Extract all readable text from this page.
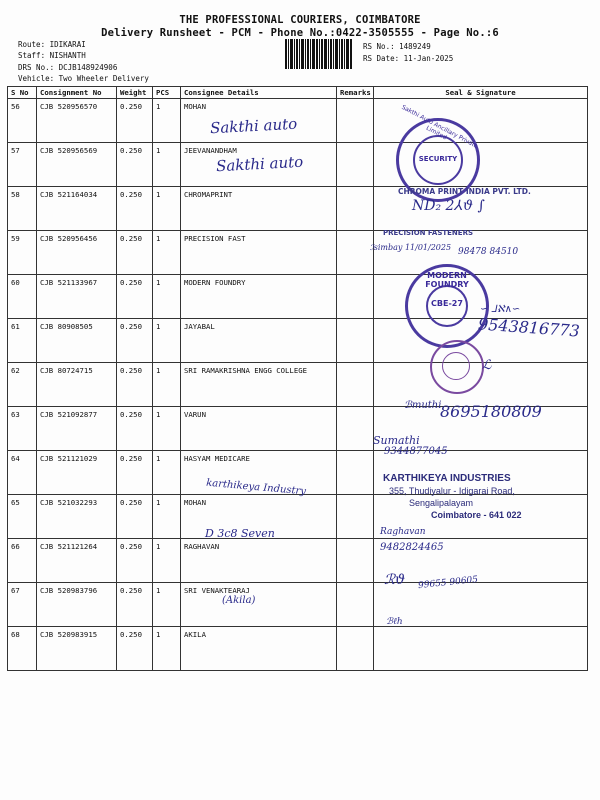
THE PROFESSIONAL COURIERS, COIMBATORE
Delivery Runsheet - PCM - Phone No.:0422-3505555 - Page No.:6
Route: IDIKARAI
Staff: NISHANTH
DRS No.: DCJB148924906
Vehicle: Two Wheeler Delivery
RS No.: 1489249
RS Date: 11-Jan-2025
S No	Consignment No	Weight	PCS	Consignee Details	Remarks	Seal & Signature
56	CJB 520956570	0.250	1	MOHAN		
57	CJB 520956569	0.250	1	JEEVANANDHAM		
58	CJB 521164034	0.250	1	CHROMAPRINT		
59	CJB 520956456	0.250	1	PRECISION FAST		
60	CJB 521133967	0.250	1	MODERN FOUNDRY		
61	CJB 80908505	0.250	1	JAYABAL		
62	CJB 80724715	0.250	1	SRI RAMAKRISHNA ENGG COLLEGE		
63	CJB 521092877	0.250	1	VARUN		
64	CJB 521121029	0.250	1	HASYAM MEDICARE		
65	CJB 521032293	0.250	1	MOHAN		
66	CJB 521121264	0.250	1	RAGHAVAN		
67	CJB 520983796	0.250	1	SRI VENAKTEARAJ		
68	CJB 520983915	0.250	1	AKILA		
Sakthi auto
Sakthi auto	SECURITY
Sakthi Auto Ancillary Private Limited
CHROMA PRINT INDIA PVT. LTD.
ND₂ 2⅄ϑ ∫
PRECISION FASTENERS
ℐsimbay 11/01/2025 98478 84510
MODERN FOUNDRY
CBE-27
∽ ⅃ℵ∧∽
9543816773
ℒ
ℬmuthi
8695180809
Sumathi
9344877045
karthikeya Industry	KARTHIKEYA INDUSTRIES
355, Thudiyalur - Idigarai Road,
Sengalipalayam
Coimbatore - 641 022
D 3c8 Seven	Raghavan
9482824465
ℛϑ 99655 90605
(Akila)
ℬℓℎ
